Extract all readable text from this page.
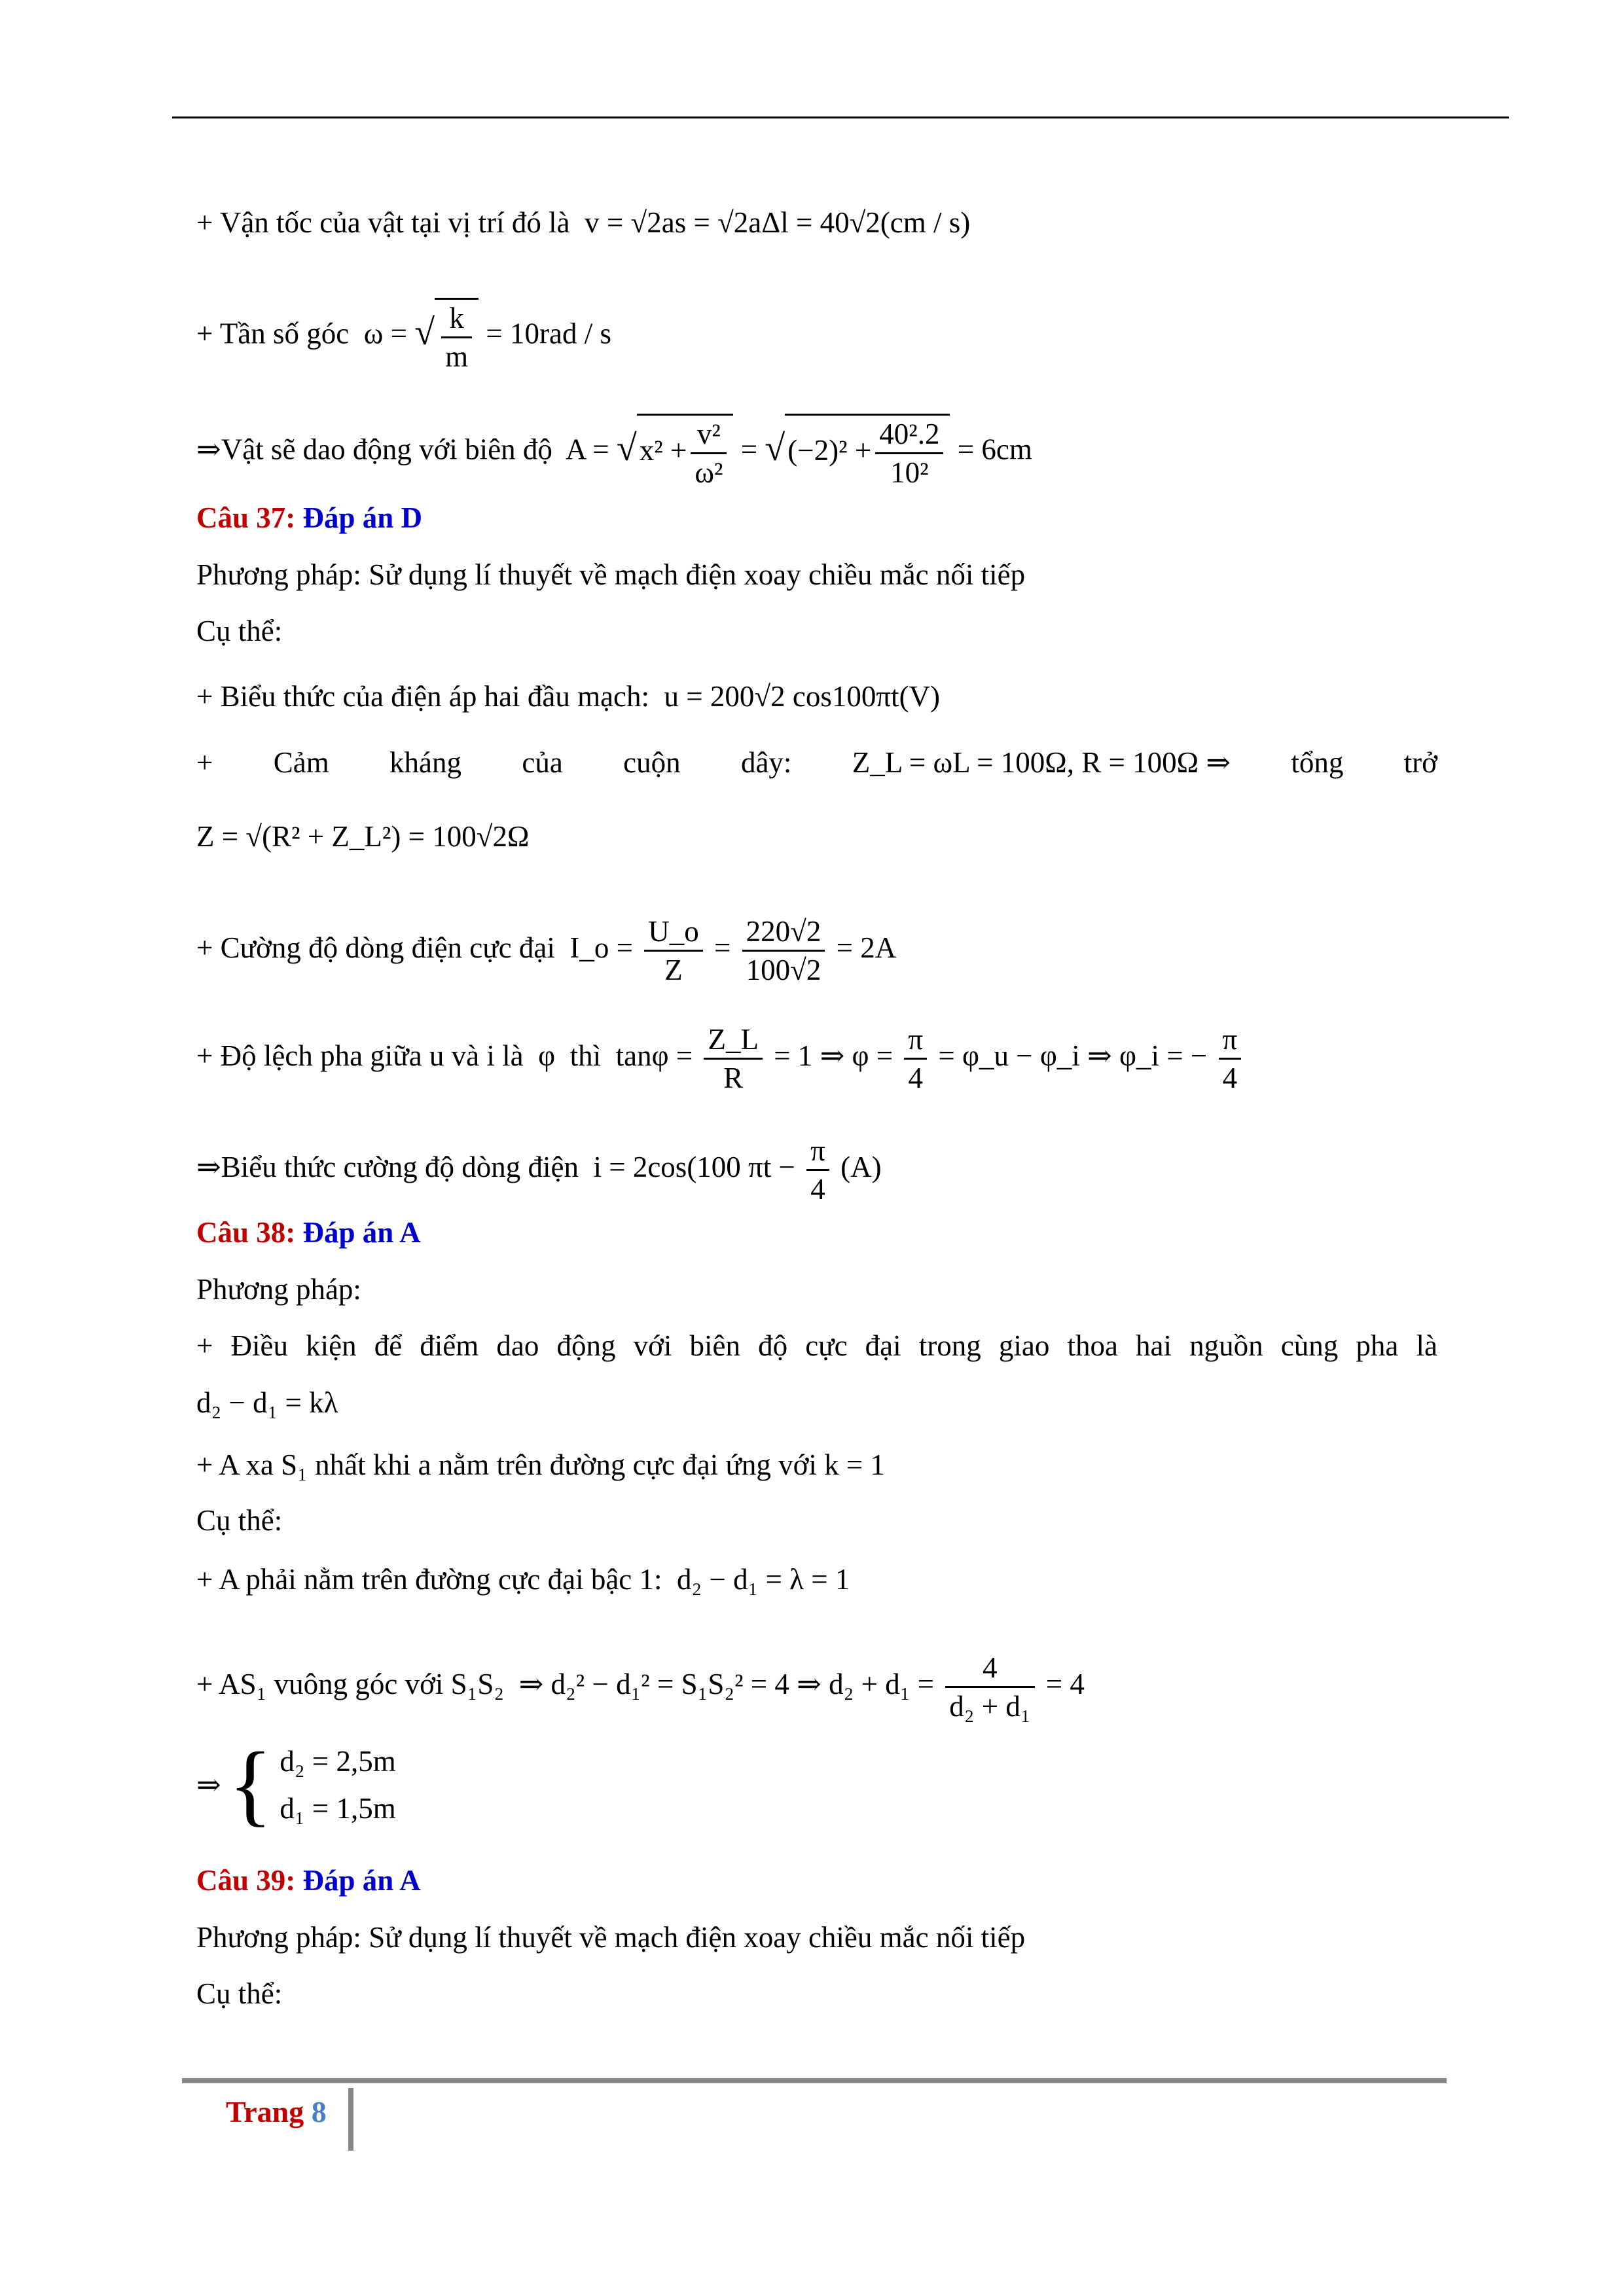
+ Vận tốc của vật tại vị trí đó là v = √2as = √2aΔl = 40√2(cm / s)
+ Tần số góc ω = √ $\frac{k}{m} = 10rad / s$
⇒Vật sẽ dao động với biên độ $A = √x^2 + \frac{\text{v²}}{\text{ω²}} = √(-2)^2 + \frac{\text{40².2}}{\text{10²}} = 6cm$
Câu 37: Đáp án D
Phương pháp: Sử dụng lí thuyết về mạch điện xoay chiều mắc nối tiếp
Cụ thể:
+ Biểu thức của điện áp hai đầu mạch: u = 200√2 cos100πt(V)
+ Cảm kháng của cuộn dây: Z_L = ωL = 100Ω, R = 100Ω ⇒ tổng trở
Z = √(R² + Z_L²) = 100√2Ω
+ Cường độ dòng điện cực đại I_o = $\frac{U\_o}{Z} = \frac{220√2}{100√2} = 2A$
+ Độ lệch pha giữa u và i là φ thì $\tan\varphi = \frac{Z\_L}{R} = 1$ ⇒ $\varphi = \frac{\pi}{4}$ = φ_u − φ_i ⇒ φ_i = − $\frac{\pi}{4}$
⇒Biểu thức cường độ dòng điện i = 2cos(100 $\pi t - \frac{\pi}{4} (A)$
Câu 38: Đáp án A
Phương pháp:
+ Điều kiện để điểm dao động với biên độ cực đại trong giao thoa hai nguồn cùng pha là
d₂ − d₁ = kλ
+ A xa S₁ nhất khi a nằm trên đường cực đại ứng với k = 1
Cụ thể:
+ A phải nằm trên đường cực đại bậc 1: d₂ − d₁ = λ = 1
+ AS₁ vuông góc với S₁S₂ ⇒ d₂² − d₁² = S₁S₂² = 4 ⇒ $d_2 + d_1 = \frac{4}{\text{d₂ + d₁}} = 4$
⇒ { d₂ = 2,5m
d₁ = 1,5m
Câu 39: Đáp án A
Phương pháp: Sử dụng lí thuyết về mạch điện xoay chiều mắc nối tiếp
Cụ thể:
Trang 8
